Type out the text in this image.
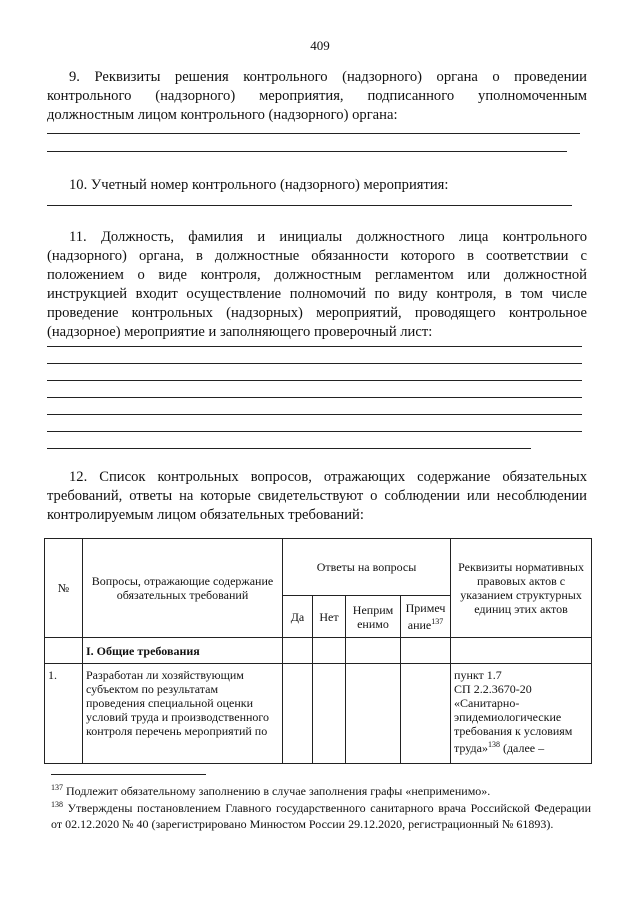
409
9. Реквизиты решения контрольного (надзорного) органа о проведении контрольного (надзорного) мероприятия, подписанного уполномоченным должностным лицом контрольного (надзорного) органа:
10. Учетный номер контрольного (надзорного) мероприятия:
11. Должность, фамилия и инициалы должностного лица контрольного (надзорного) органа, в должностные обязанности которого в соответствии с положением о виде контроля, должностным регламентом или должностной инструкцией входит осуществление полномочий по виду контроля, в том числе проведение контрольных (надзорных) мероприятий, проводящего контрольное (надзорное) мероприятие и заполняющего проверочный лист:
12. Список контрольных вопросов, отражающих содержание обязательных требований, ответы на которые свидетельствуют о соблюдении или несоблюдении контролируемым лицом обязательных требований:
№	Вопросы, отражающие содержание обязательных требований	Ответы на вопросы				Реквизиты нормативных правовых актов с указанием структурных единиц этих актов
		Да	Нет	Неприм енимо	Примеч ание$^{137}$
	I. Общие требования					
1.	Разработан ли хозяйствующим субъектом по результатам проведения специальной оценки условий труда и производственного контроля перечень мероприятий по					пункт 1.7
СП 2.2.3670-20
«Санитарно-эпидемиологические требования к условиям труда»$^{138}$ (далее –
$^{137}$ Подлежит обязательному заполнению в случае заполнения графы «неприменимо».
$^{138}$ Утверждены постановлением Главного государственного санитарного врача Российской Федерации от 02.12.2020 № 40 (зарегистрировано Минюстом России 29.12.2020, регистрационный № 61893).
